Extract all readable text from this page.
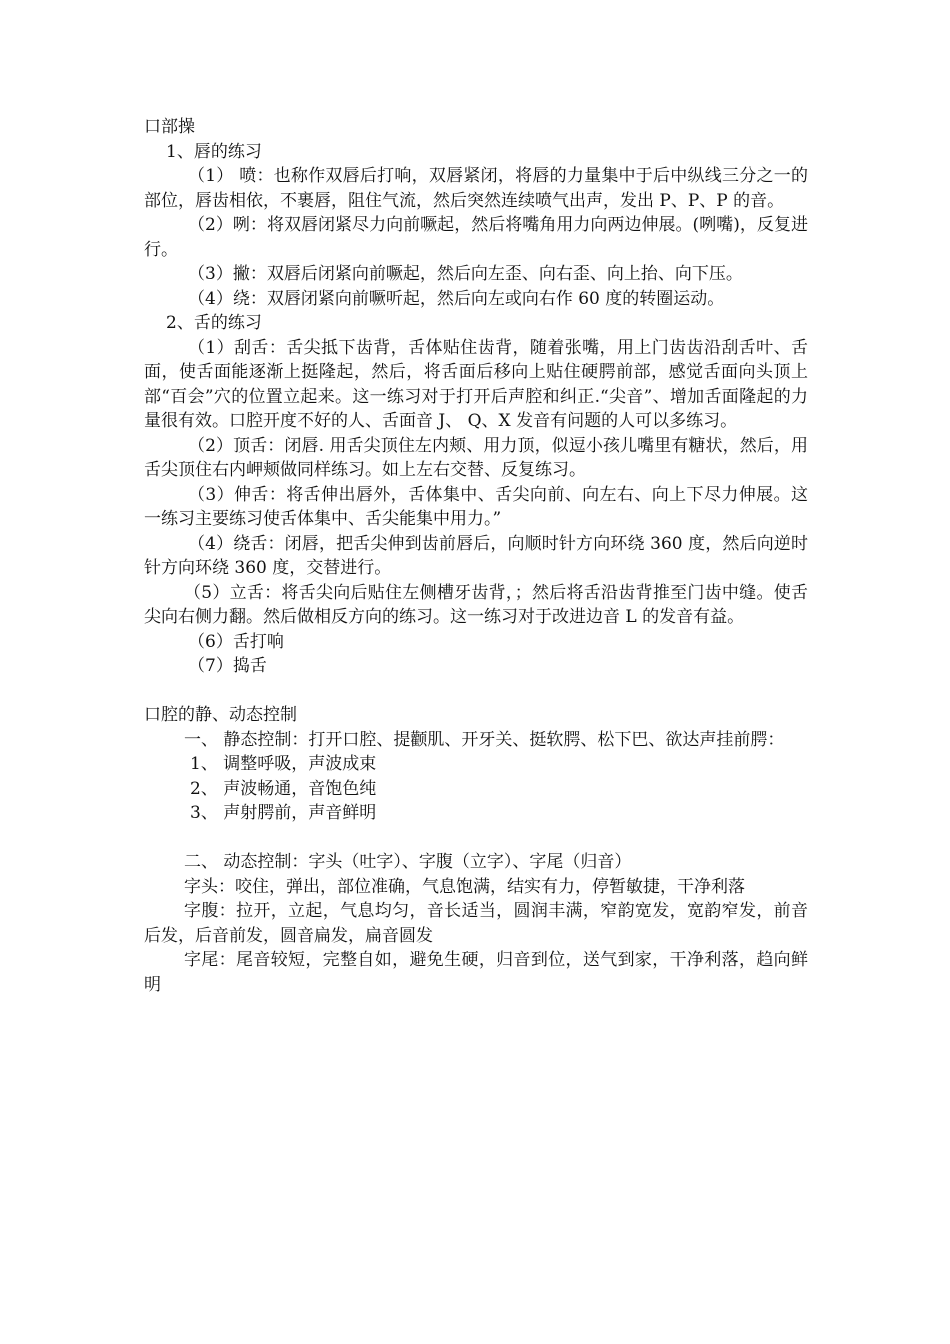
口部操

1、唇的练习

（1） 喷：也称作双唇后打响，双唇紧闭，将唇的力量集中于后中纵线三分之一的部位，唇齿相依，不裹唇，阻住气流，然后突然连续喷气出声，发出 P、P、P 的音。

（2）咧：将双唇闭紧尽力向前噘起，然后将嘴角用力向两边伸展。(咧嘴)，反复进行。

（3）撇：双唇后闭紧向前噘起，然后向左歪、向右歪、向上抬、向下压。

（4）绕：双唇闭紧向前噘听起，然后向左或向右作 60 度的转圈运动。

2、舌的练习

（1）刮舌：舌尖抵下齿背，舌体贴住齿背，随着张嘴，用上门齿齿沿刮舌叶、舌面，使舌面能逐渐上挺隆起，然后，将舌面后移向上贴住硬腭前部，感觉舌面向头顶上部“百会”穴的位置立起来。这一练习对于打开后声腔和纠正.“尖音”、增加舌面隆起的力量很有效。口腔开度不好的人、舌面音 J、 Q、X 发音有问题的人可以多练习。

（2）顶舌：闭唇. 用舌尖顶住左内颊、用力顶，似逗小孩儿嘴里有糖状，然后，用舌尖顶住右内岬颊做同样练习。如上左右交替、反复练习。

（3）伸舌：将舌伸出唇外，舌体集中、舌尖向前、向左右、向上下尽力伸展。这一练习主要练习使舌体集中、舌尖能集中用力。”

（4）绕舌：闭唇，把舌尖伸到齿前唇后，向顺时针方向环绕 360 度，然后向逆时针方向环绕 360 度，交替进行。

（5）立舌：将舌尖向后贴住左侧槽牙齿背，；然后将舌沿齿背推至门齿中缝。使舌尖向右侧力翻。然后做相反方向的练习。这一练习对于改进边音 L 的发音有益。

（6）舌打响

（7）捣舌

口腔的静、动态控制

一、 静态控制：打开口腔、提颧肌、开牙关、挺软腭、松下巴、欲达声挂前腭：

1、 调整呼吸，声波成束

2、 声波畅通，音饱色纯

3、 声射腭前，声音鲜明

二、 动态控制：字头（吐字）、字腹（立字）、字尾（归音）

字头：咬住，弹出，部位准确，气息饱满，结实有力，停暂敏捷，干净利落

字腹：拉开，立起，气息均匀，音长适当，圆润丰满，窄韵宽发，宽韵窄发，前音后发，后音前发，圆音扁发，扁音圆发

字尾：尾音较短，完整自如，避免生硬，归音到位，送气到家，干净利落，趋向鲜明
